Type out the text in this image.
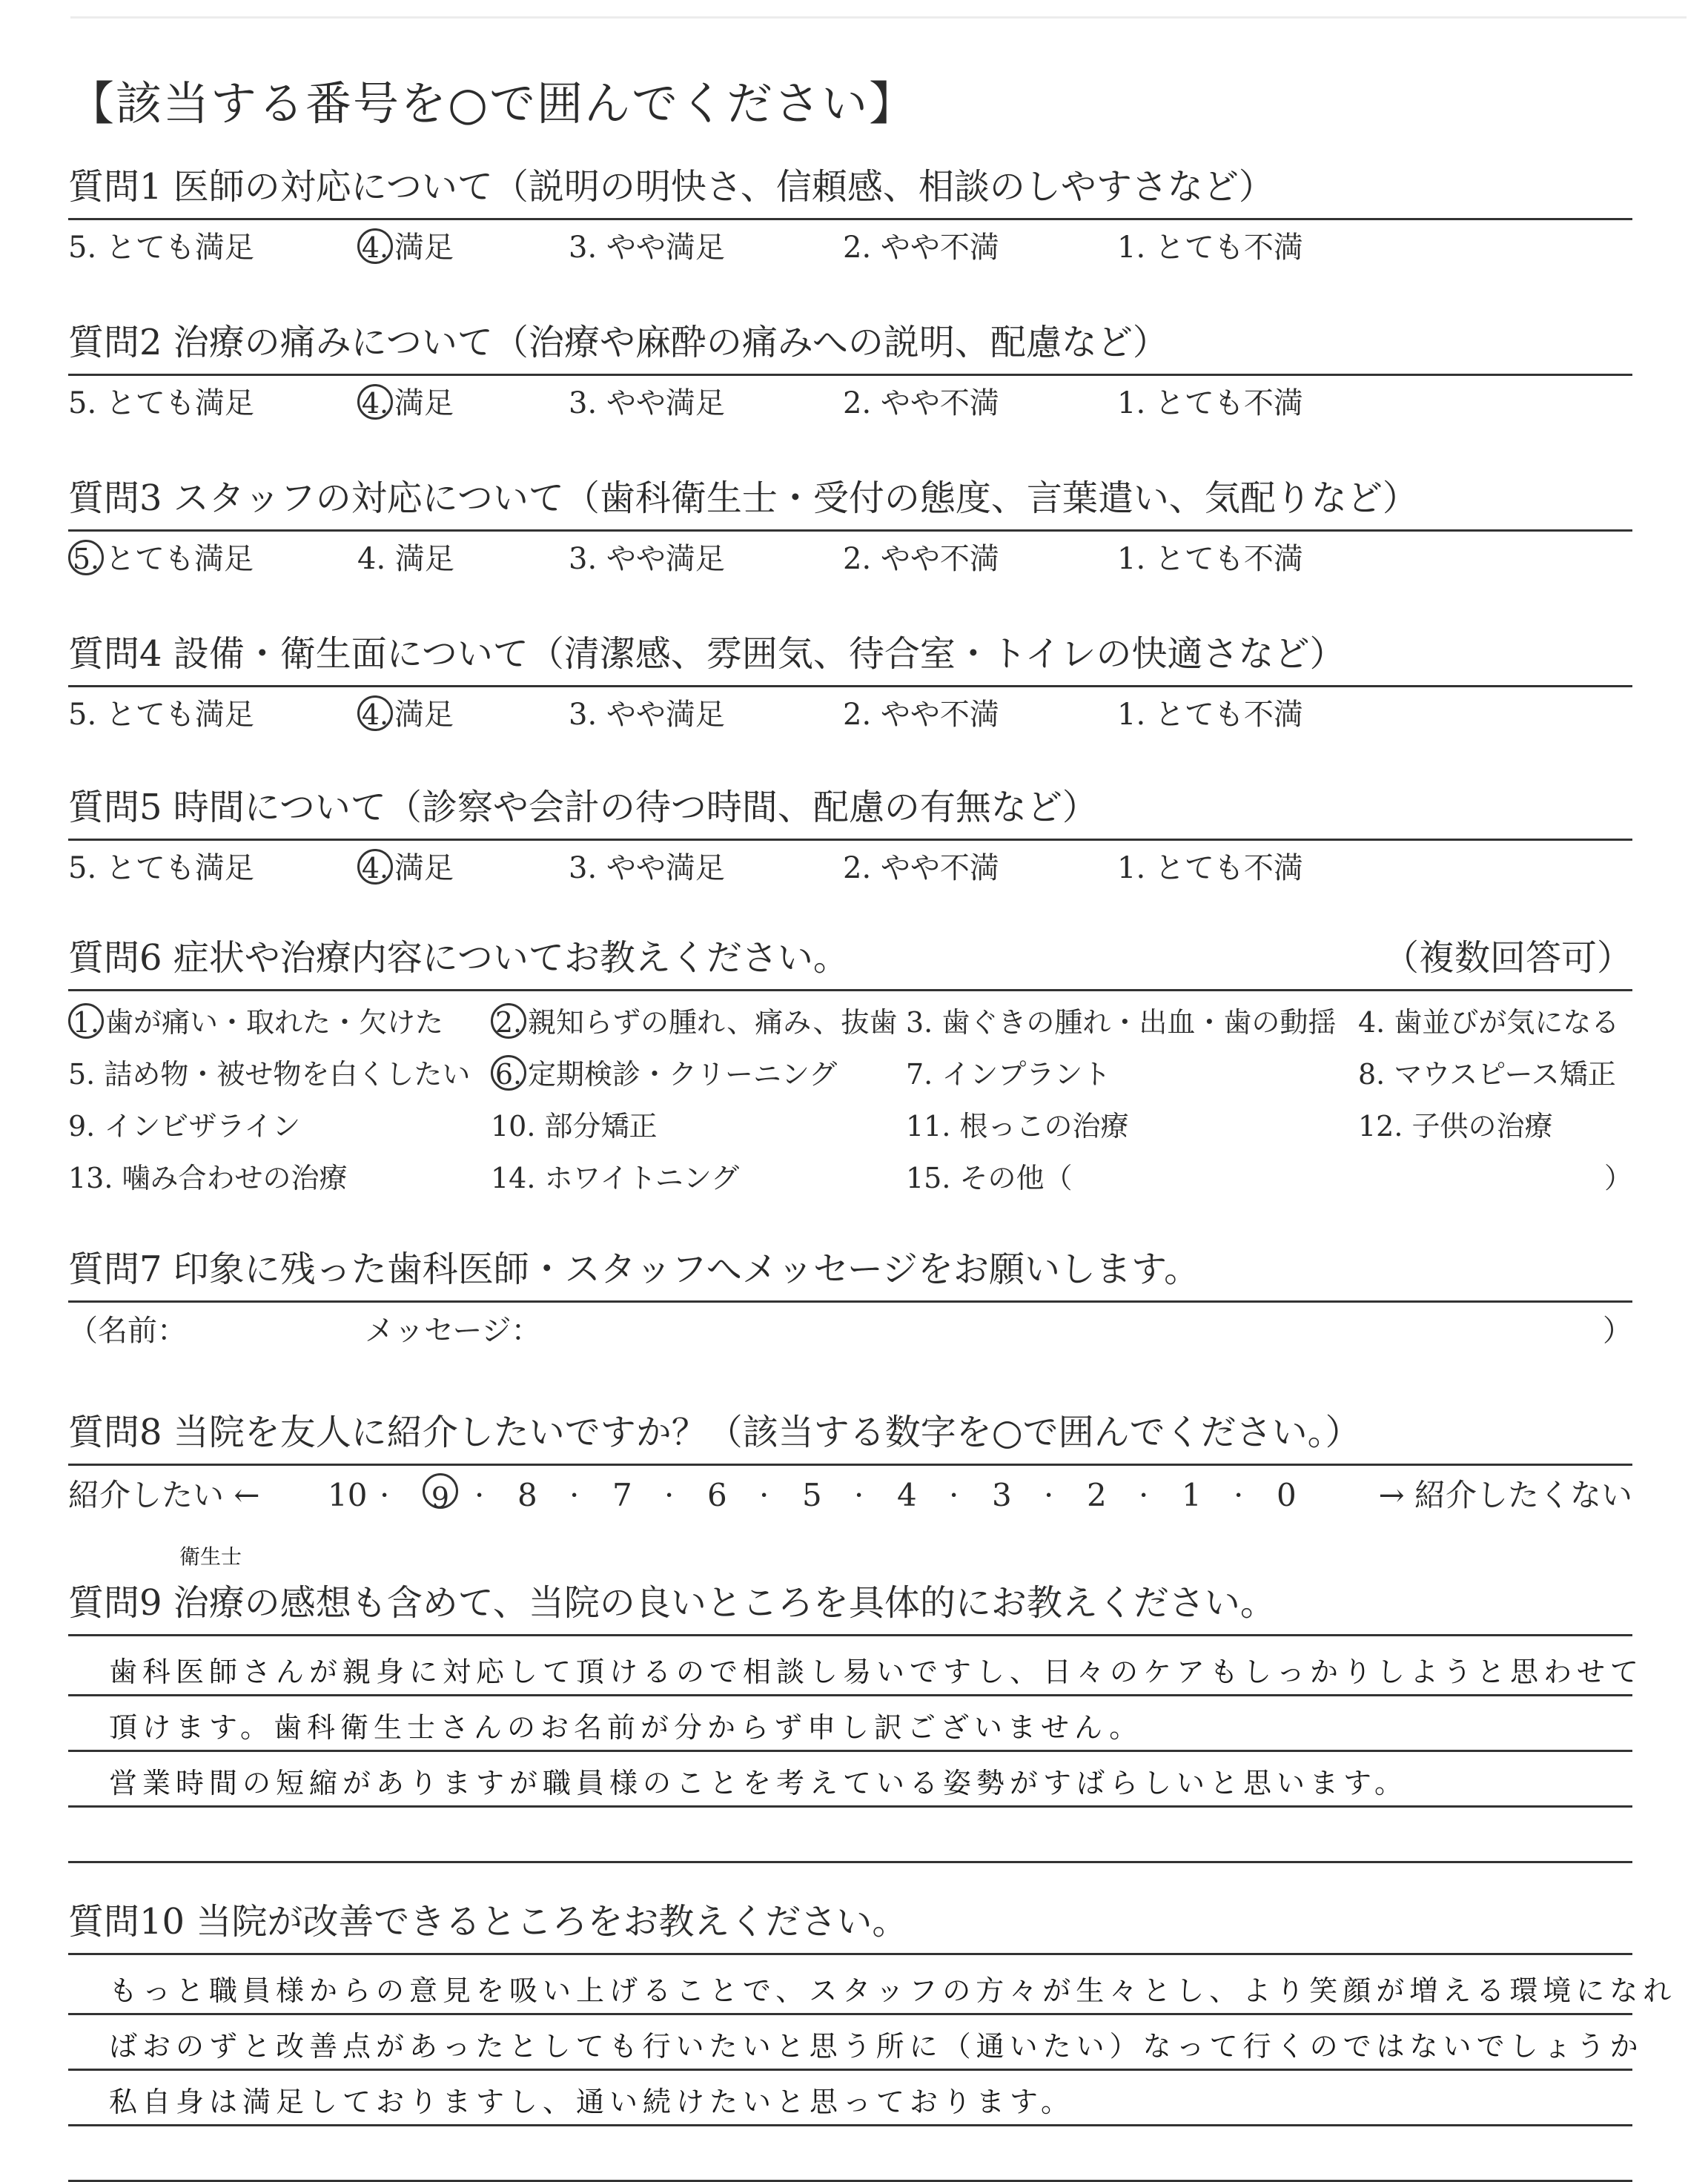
【該当する番号を○で囲んでください】
質問1 医師の対応について（説明の明快さ、信頼感、相談のしやすさなど）
5. とても満足	4. 満足	3. やや満足	2. やや不満	1. とても不満
質問2 治療の痛みについて（治療や麻酔の痛みへの説明、配慮など）
5. とても満足	4. 満足	3. やや満足	2. やや不満	1. とても不満
質問3 スタッフの対応について（歯科衛生士・受付の態度、言葉遣い、気配りなど）
5. とても満足	4. 満足	3. やや満足	2. やや不満	1. とても不満
質問4 設備・衛生面について（清潔感、雰囲気、待合室・トイレの快適さなど）
5. とても満足	4. 満足	3. やや満足	2. やや不満	1. とても不満
質問5 時間について（診察や会計の待つ時間、配慮の有無など）
5. とても満足	4. 満足	3. やや満足	2. やや不満	1. とても不満
質問6 症状や治療内容についてお教えください。	（複数回答可）
1. 歯が痛い・取れた・欠けた 2. 親知らずの腫れ、痛み、抜歯 3. 歯ぐきの腫れ・出血・歯の動揺 4. 歯並びが気になる
5. 詰め物・被せ物を白くしたい 6. 定期検診・クリーニング 7. インプラント	8. マウスピース矯正
9. インビザライン	10. 部分矯正	11. 根っこの治療	12. 子供の治療
13. 噛み合わせの治療	14. ホワイトニング	15. その他（	）
質問7 印象に残った歯科医師・スタッフへメッセージをお願いします。
（名前：	メッセージ：	）
質問8 当院を友人に紹介したいですか？（該当する数字を○で囲んでください。）
紹介したい ←	→ 紹介したくない
10 ·	9 · 8 · 7 · 6 · 5 · 4 · 3 · 2 · 1 · 0
衛生士
質問9 治療の感想も含めて、当院の良いところを具体的にお教えください。
歯科医師さんが親身に対応して頂けるので相談し易いですし、日々のケアもしっかりしようと思わせて
頂けます。歯科衛生士さんのお名前が分からず申し訳ございません。
営業時間の短縮がありますが職員様のことを考えている姿勢がすばらしいと思います。
質問10 当院が改善できるところをお教えください。
もっと職員様からの意見を吸い上げることで、スタッフの方々が生々とし、より笑顔が増える環境になれ
ばおのずと改善点があったとしても行いたいと思う所に（通いたい）なって行くのではないでしょうか
私自身は満足しておりますし、通い続けたいと思っております。
